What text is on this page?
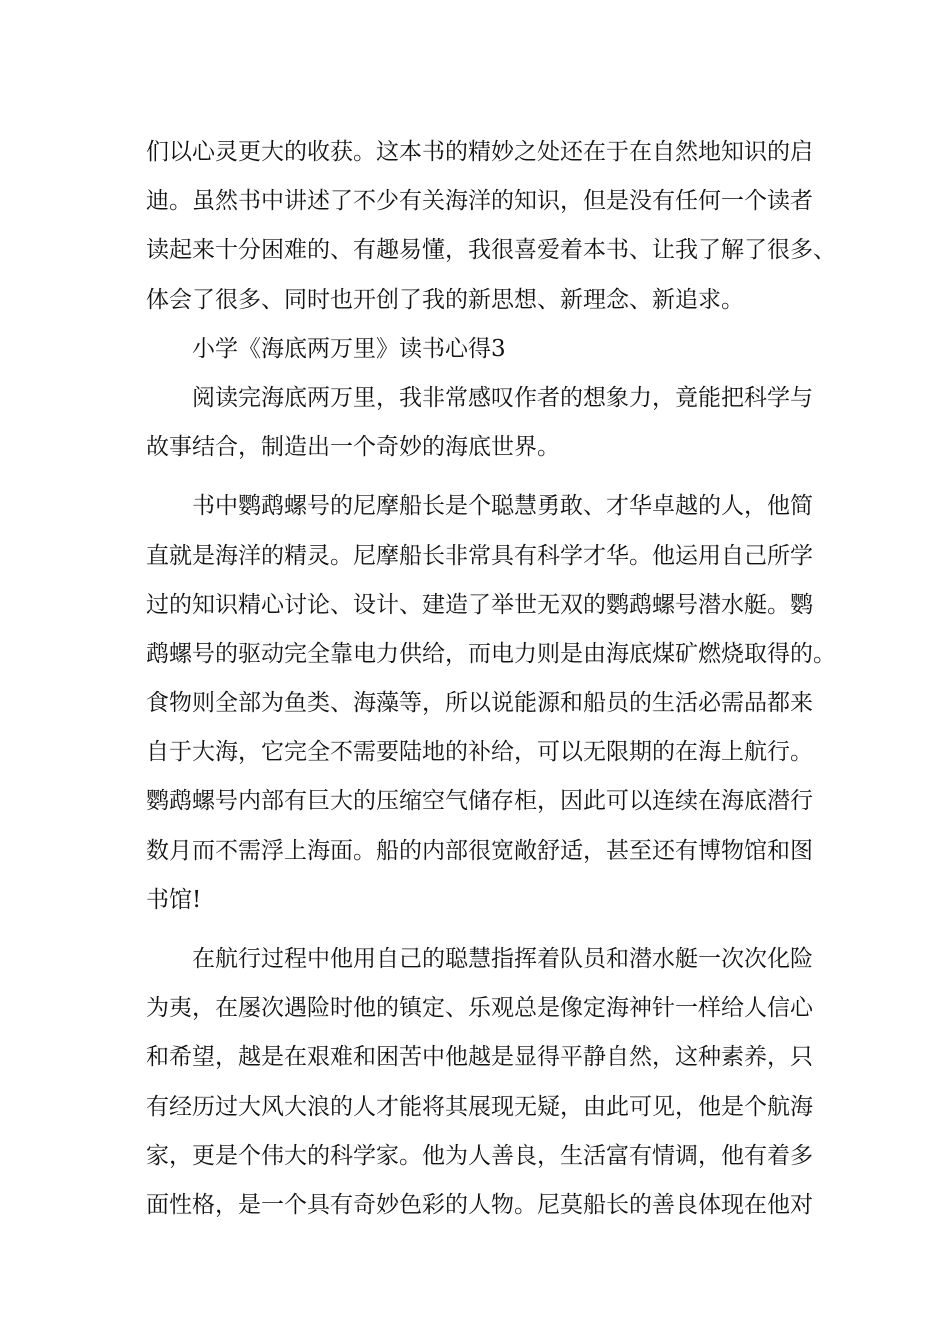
们以心灵更大的收获。这本书的精妙之处还在于在自然地知识的启
迪。虽然书中讲述了不少有关海洋的知识，但是没有任何一个读者
读起来十分困难的、有趣易懂，我很喜爱着本书、让我了解了很多、
体会了很多、同时也开创了我的新思想、新理念、新追求。
小学《海底两万里》读书心得3
阅读完海底两万里，我非常感叹作者的想象力，竟能把科学与
故事结合，制造出一个奇妙的海底世界。
书中鹦鹉螺号的尼摩船长是个聪慧勇敢、才华卓越的人，他简
直就是海洋的精灵。尼摩船长非常具有科学才华。他运用自己所学
过的知识精心讨论、设计、建造了举世无双的鹦鹉螺号潜水艇。鹦
鹉螺号的驱动完全靠电力供给，而电力则是由海底煤矿燃烧取得的。
食物则全部为鱼类、海藻等，所以说能源和船员的生活必需品都来
自于大海，它完全不需要陆地的补给，可以无限期的在海上航行。
鹦鹉螺号内部有巨大的压缩空气储存柜，因此可以连续在海底潜行
数月而不需浮上海面。船的内部很宽敞舒适，甚至还有博物馆和图
书馆!
在航行过程中他用自己的聪慧指挥着队员和潜水艇一次次化险
为夷，在屡次遇险时他的镇定、乐观总是像定海神针一样给人信心
和希望，越是在艰难和困苦中他越是显得平静自然，这种素养，只
有经历过大风大浪的人才能将其展现无疑，由此可见，他是个航海
家，更是个伟大的科学家。他为人善良，生活富有情调，他有着多
面性格，是一个具有奇妙色彩的人物。尼莫船长的善良体现在他对
